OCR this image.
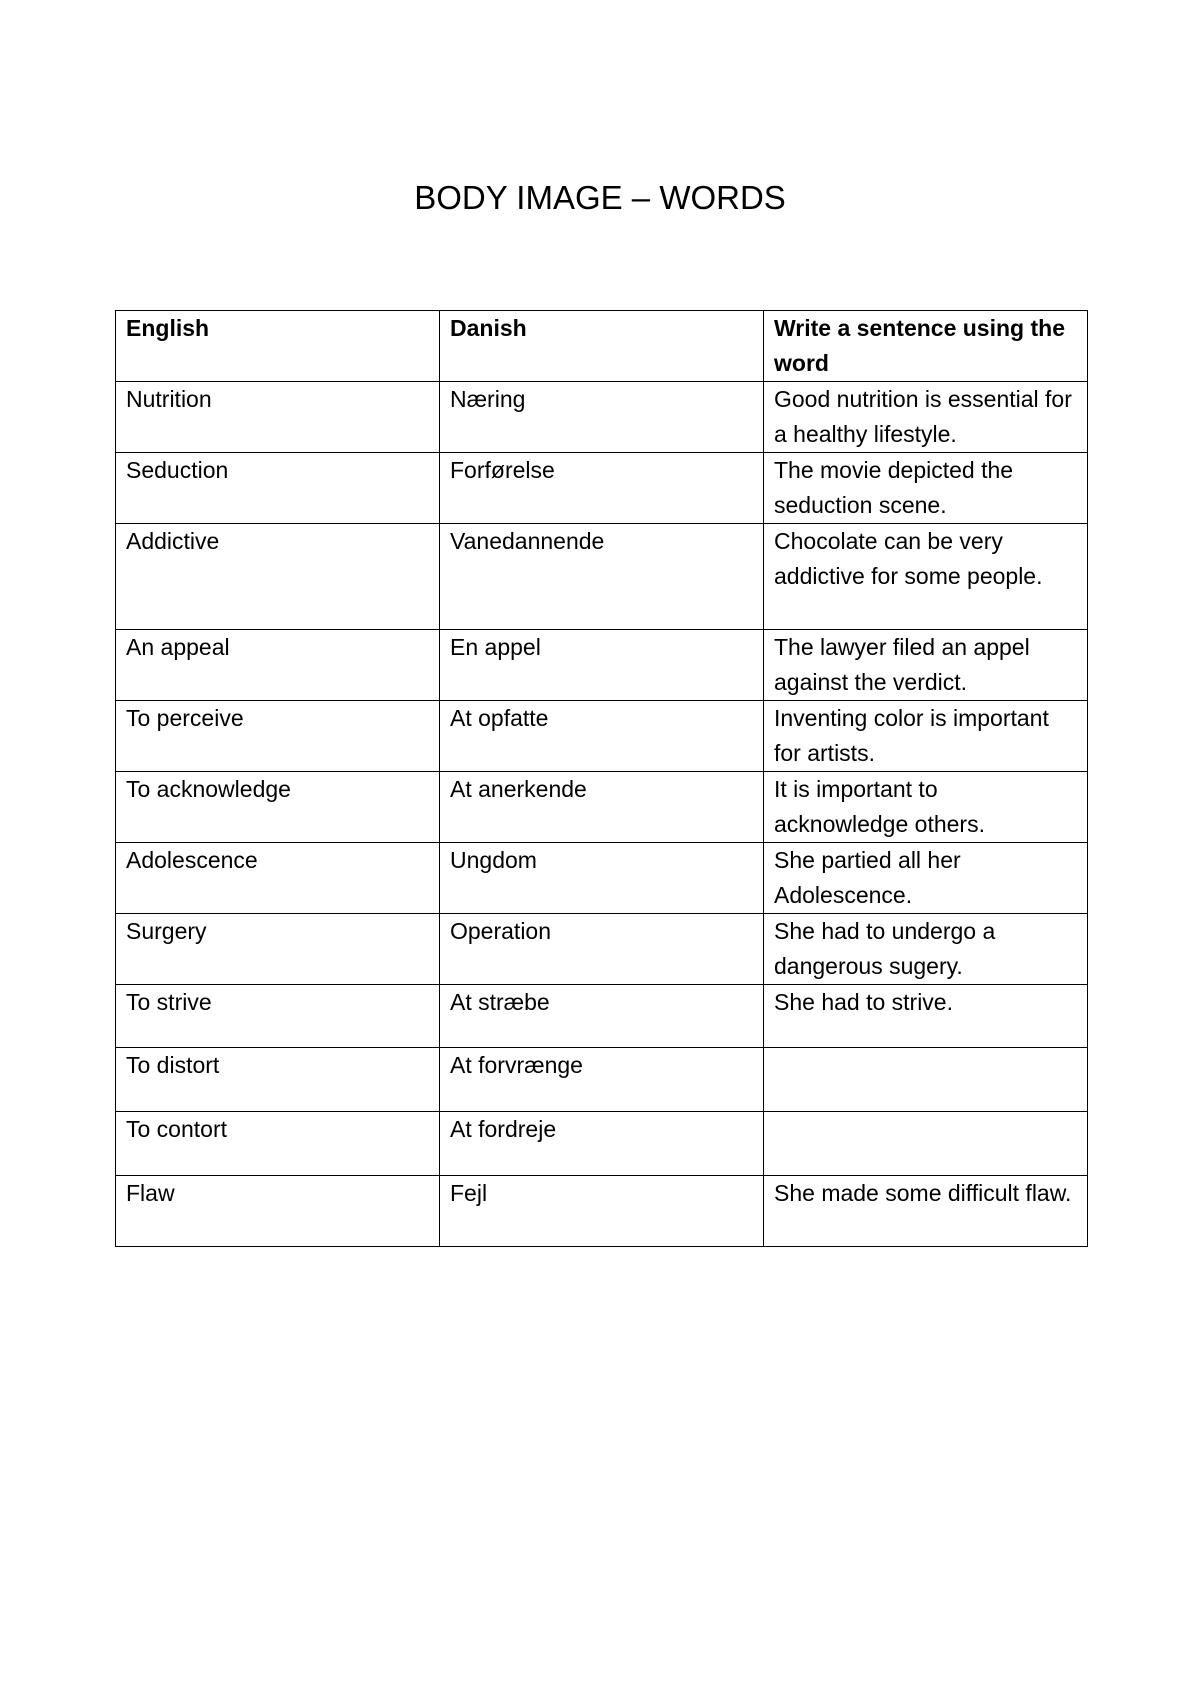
BODY IMAGE – WORDS
English	Danish	Write a sentence using the word
Nutrition	Næring	Good nutrition is essential for a healthy lifestyle.
Seduction	Forførelse	The movie depicted the seduction scene.
Addictive	Vanedannende	Chocolate can be very addictive for some people.
An appeal	En appel	The lawyer filed an appel against the verdict.
To perceive	At opfatte	Inventing color is important for artists.
To acknowledge	At anerkende	It is important to acknowledge others.
Adolescence	Ungdom	She partied all her Adolescence.
Surgery	Operation	She had to undergo a dangerous sugery.
To strive	At stræbe	She had to strive.
To distort	At forvrænge	
To contort	At fordreje	
Flaw	Fejl	She made some difficult flaw.
